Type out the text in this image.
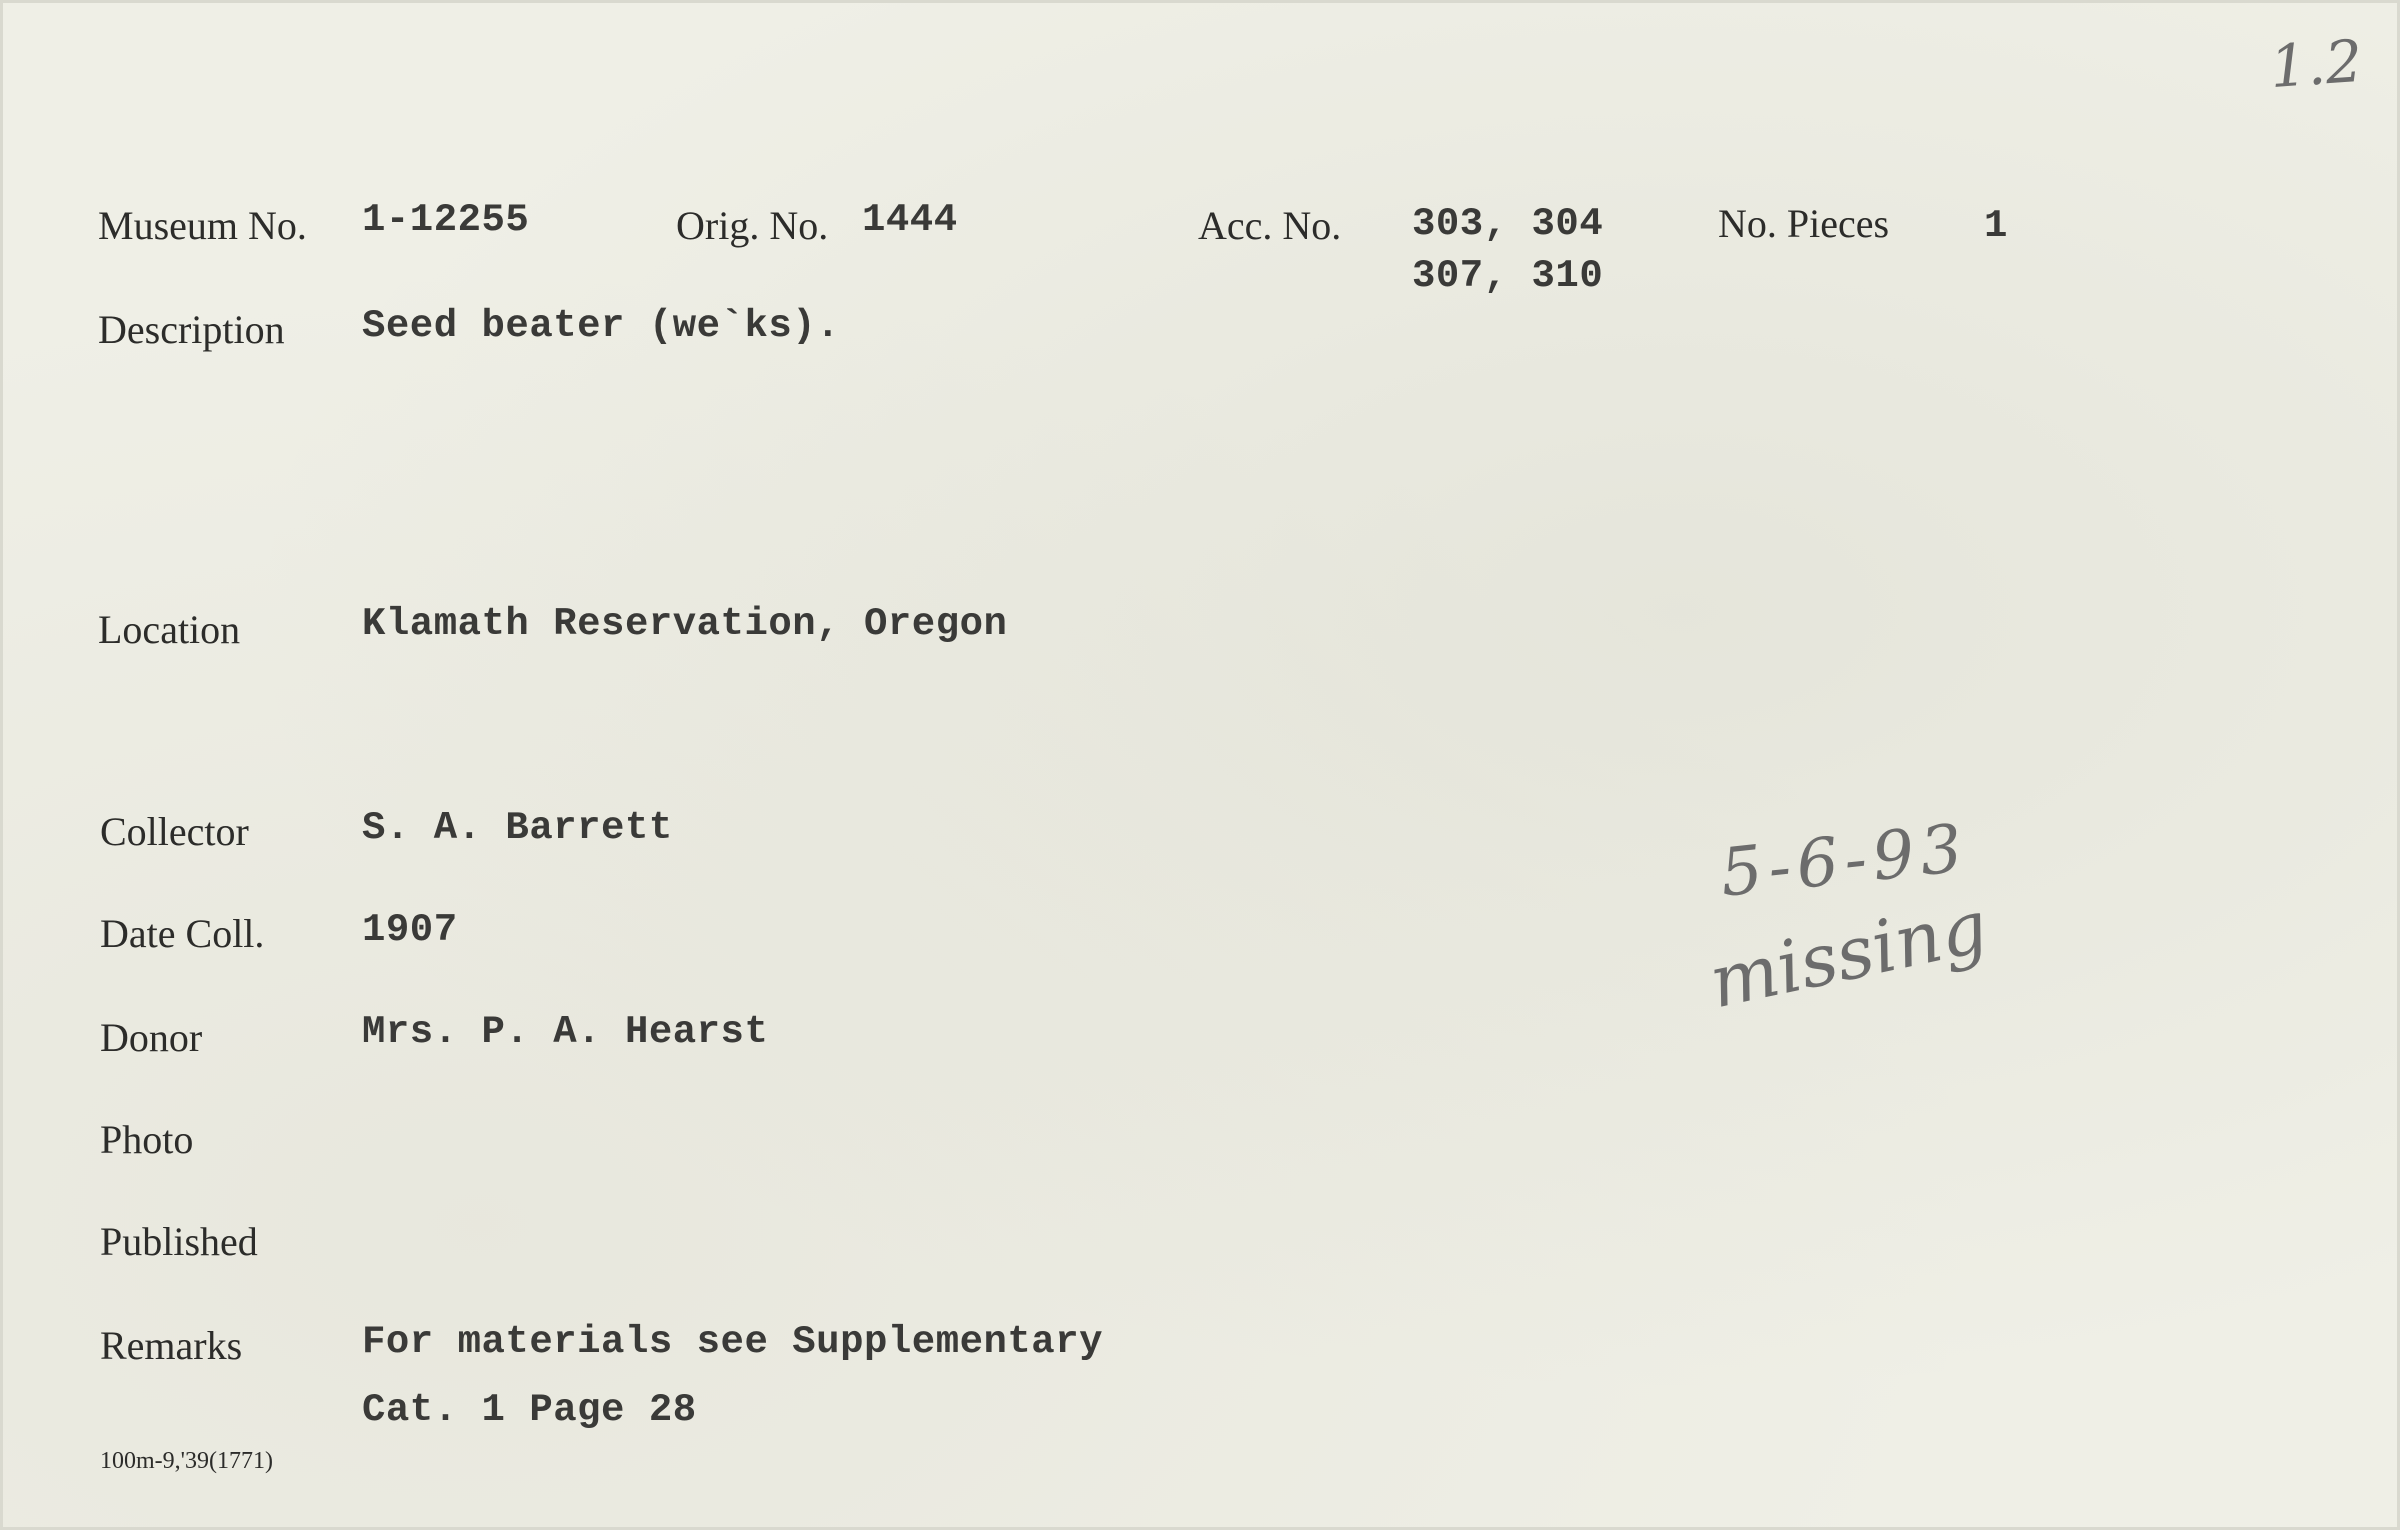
Museum No. 1-12255	Orig. No. 1444	Acc. No. 303, 304
307, 310
No. Pieces 1
Description Seed beater (we`ks).
Location	Klamath Reservation, Oregon
Collector	S. A. Barrett
Date Coll.	1907
Donor	Mrs. P. A. Hearst
Photo
Published
Remarks	For materials see Supplementary
Cat. 1 Page 28
100m-9,'39(1771)
1.2
5-6-93
missing
